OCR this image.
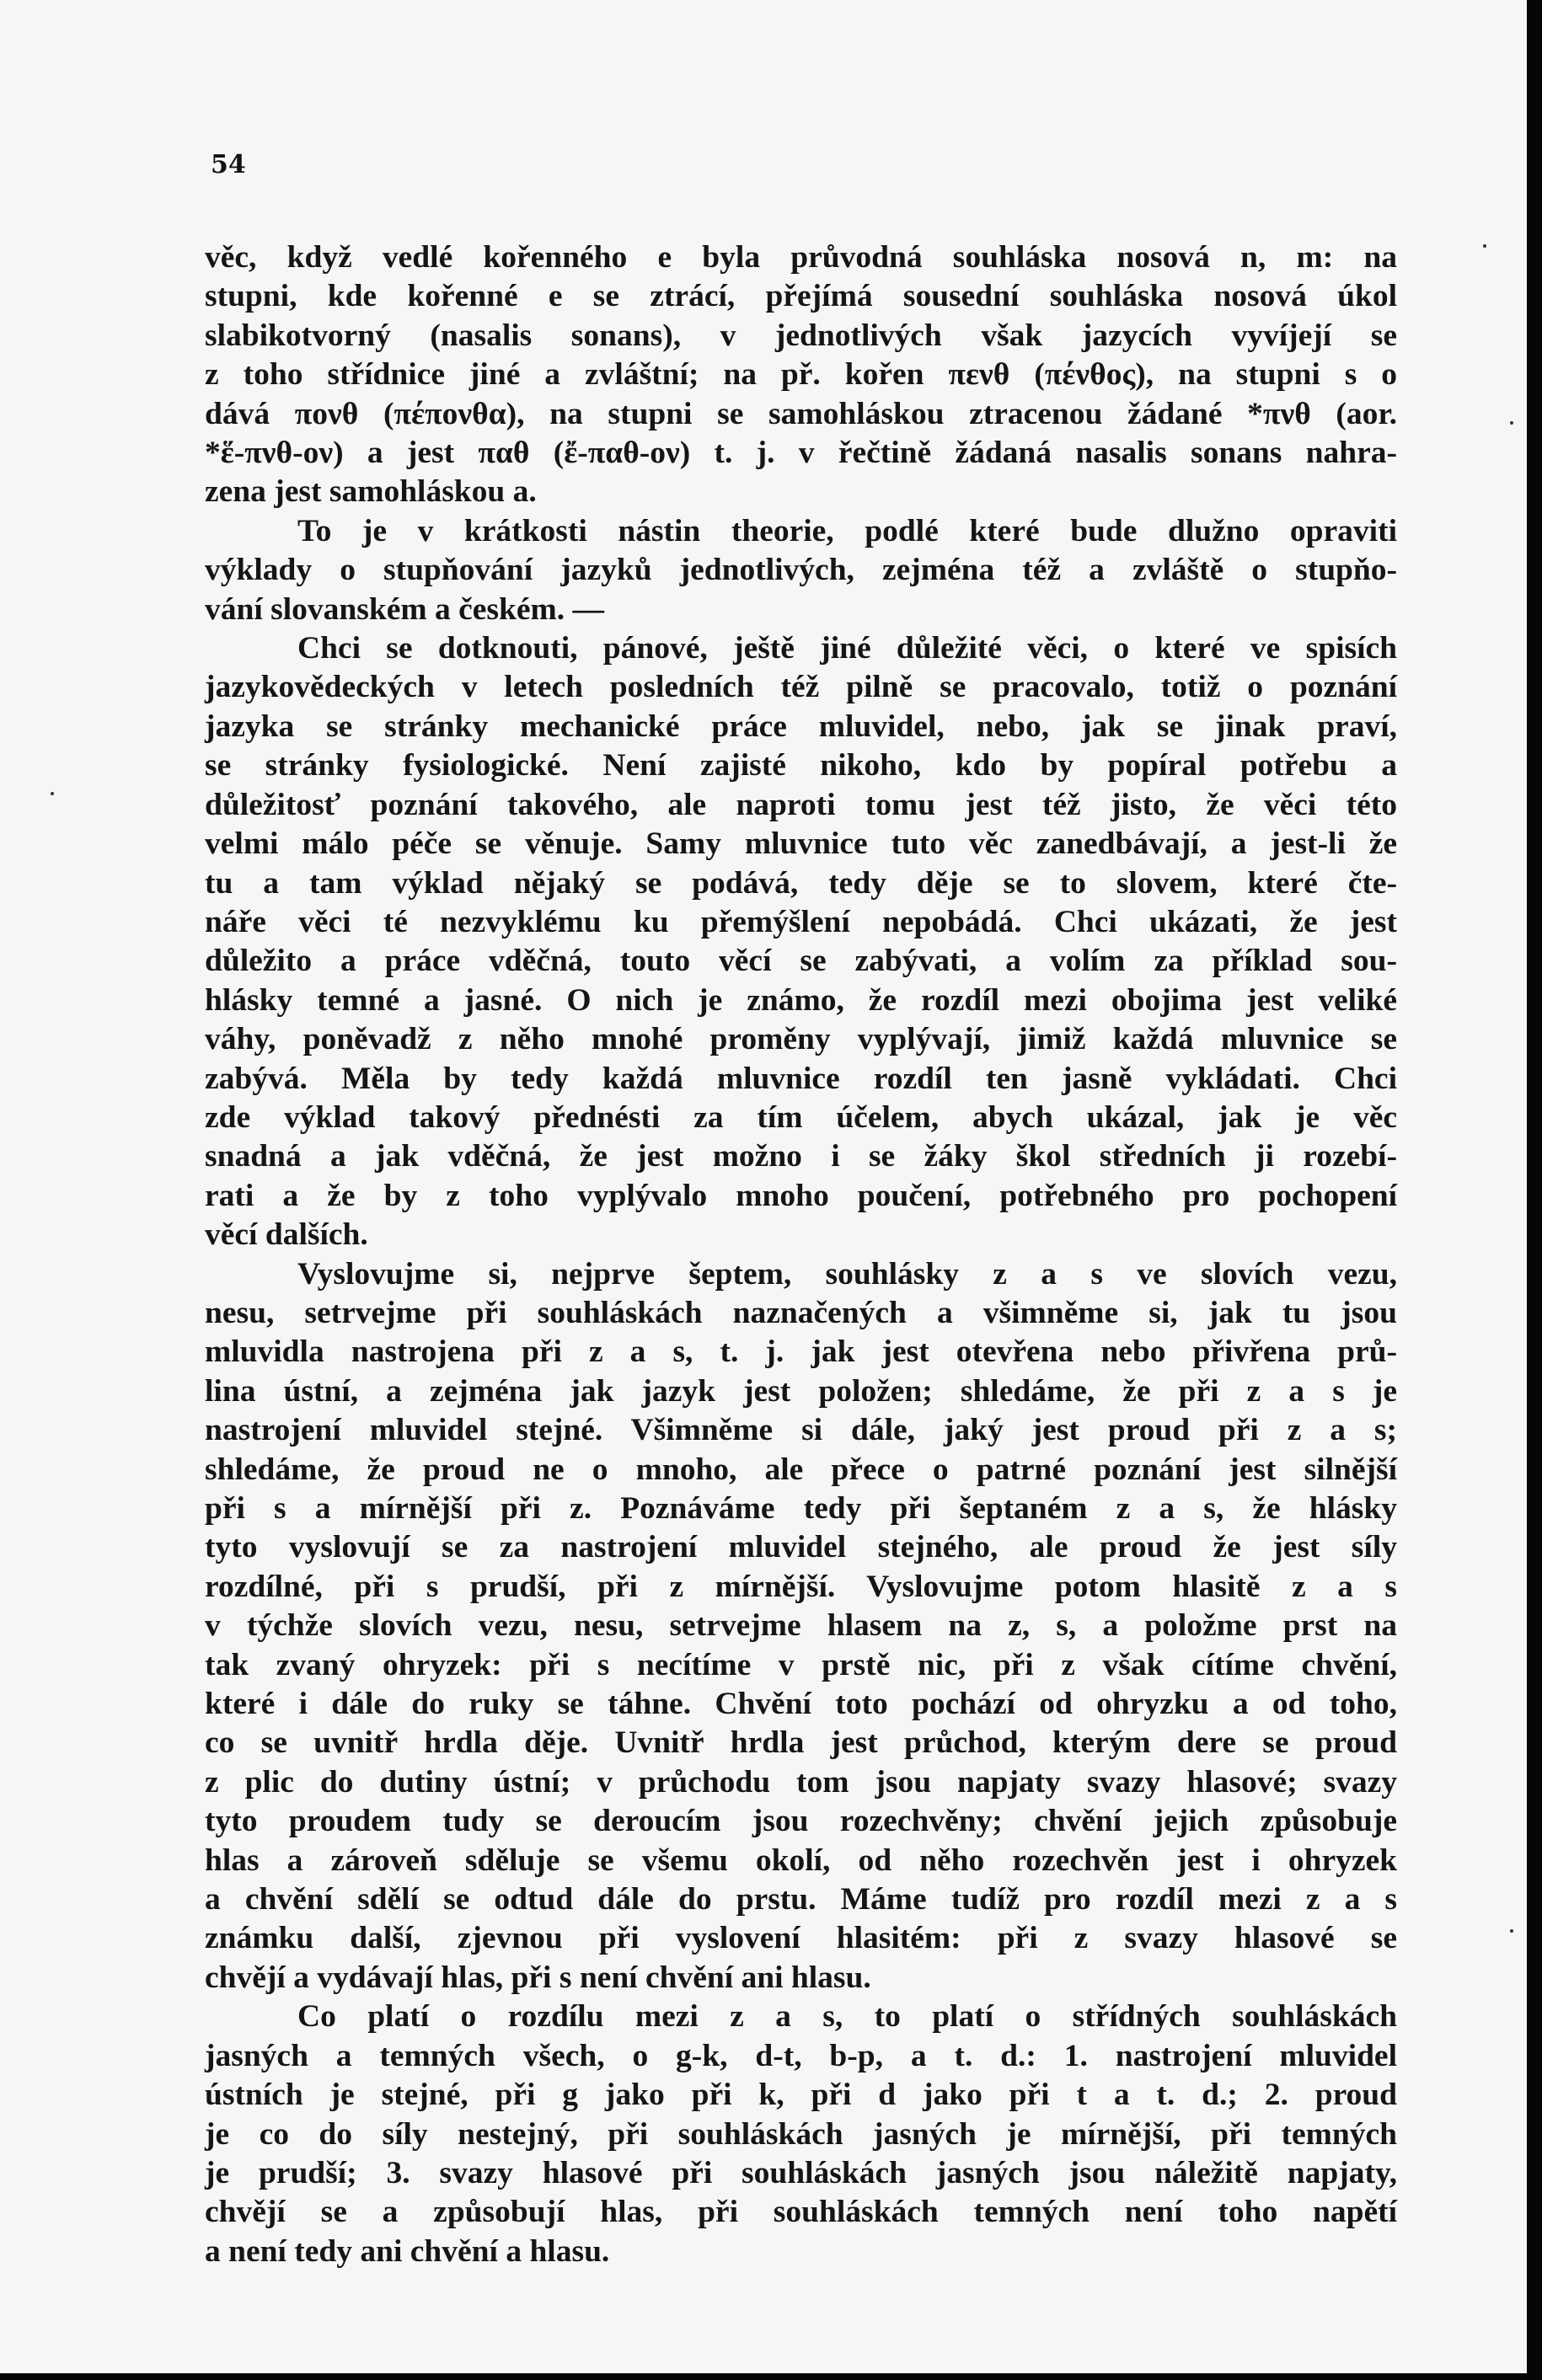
54
věc, když vedlé kořenného e byla průvodná souhláska nosová n, m: na
stupni, kde kořenné e se ztrácí, přejímá sousední souhláska nosová úkol
slabikotvorný (nasalis sonans), v jednotlivých však jazycích vyvíjejí se
z toho střídnice jiné a zvláštní; na př. kořen πενθ (πένθος), na stupni s o
dává πονθ (πέπονθα), na stupni se samohláskou ztracenou žádané *πνθ (aor.
*ἕ-πνθ-ον) a jest παθ (ἔ-παθ-ον) t. j. v řečtině žádaná nasalis sonans nahra-
zena jest samohláskou a.
To je v krátkosti nástin theorie, podlé které bude dlužno opraviti
výklady o stupňování jazyků jednotlivých, zejména též a zvláště o stupňo-
vání slovanském a českém. —
Chci se dotknouti, pánové, ještě jiné důležité věci, o které ve spisích
jazykovědeckých v letech posledních též pilně se pracovalo, totiž o poznání
jazyka se stránky mechanické práce mluvidel, nebo, jak se jinak praví,
se stránky fysiologické. Není zajisté nikoho, kdo by popíral potřebu a
důležitosť poznání takového, ale naproti tomu jest též jisto, že věci této
velmi málo péče se věnuje. Samy mluvnice tuto věc zanedbávají, a jest-li že
tu a tam výklad nějaký se podává, tedy děje se to slovem, které čte-
náře věci té nezvyklému ku přemýšlení nepobádá. Chci ukázati, že jest
důležito a práce vděčná, touto věcí se zabývati, a volím za příklad sou-
hlásky temné a jasné. O nich je známo, že rozdíl mezi obojima jest veliké
váhy, poněvadž z něho mnohé proměny vyplývají, jimiž každá mluvnice se
zabývá. Měla by tedy každá mluvnice rozdíl ten jasně vykládati. Chci
zde výklad takový přednésti za tím účelem, abych ukázal, jak je věc
snadná a jak vděčná, že jest možno i se žáky škol středních ji rozebí-
rati a že by z toho vyplývalo mnoho poučení, potřebného pro pochopení
věcí dalších.
Vyslovujme si, nejprve šeptem, souhlásky z a s ve slovích vezu,
nesu, setrvejme při souhláskách naznačených a všimněme si, jak tu jsou
mluvidla nastrojena při z a s, t. j. jak jest otevřena nebo přivřena prů-
lina ústní, a zejména jak jazyk jest položen; shledáme, že při z a s je
nastrojení mluvidel stejné. Všimněme si dále, jaký jest proud při z a s;
shledáme, že proud ne o mnoho, ale přece o patrné poznání jest silnější
při s a mírnější při z. Poznáváme tedy při šeptaném z a s, že hlásky
tyto vyslovují se za nastrojení mluvidel stejného, ale proud že jest síly
rozdílné, při s prudší, při z mírnější. Vyslovujme potom hlasitě z a s
v týchže slovích vezu, nesu, setrvejme hlasem na z, s, a položme prst na
tak zvaný ohryzek: při s necítíme v prstě nic, při z však cítíme chvění,
které i dále do ruky se táhne. Chvění toto pochází od ohryzku a od toho,
co se uvnitř hrdla děje. Uvnitř hrdla jest průchod, kterým dere se proud
z plic do dutiny ústní; v průchodu tom jsou napjaty svazy hlasové; svazy
tyto proudem tudy se deroucím jsou rozechvěny; chvění jejich způsobuje
hlas a zároveň sděluje se všemu okolí, od něho rozechvěn jest i ohryzek
a chvění sdělí se odtud dále do prstu. Máme tudíž pro rozdíl mezi z a s
známku další, zjevnou při vyslovení hlasitém: při z svazy hlasové se
chvějí a vydávají hlas, při s není chvění ani hlasu.
Co platí o rozdílu mezi z a s, to platí o střídných souhláskách
jasných a temných všech, o g-k, d-t, b-p, a t. d.: 1. nastrojení mluvidel
ústních je stejné, při g jako při k, při d jako při t a t. d.; 2. proud
je co do síly nestejný, při souhláskách jasných je mírnější, při temných
je prudší; 3. svazy hlasové při souhláskách jasných jsou náležitě napjaty,
chvějí se a způsobují hlas, při souhláskách temných není toho napětí
a není tedy ani chvění a hlasu.
